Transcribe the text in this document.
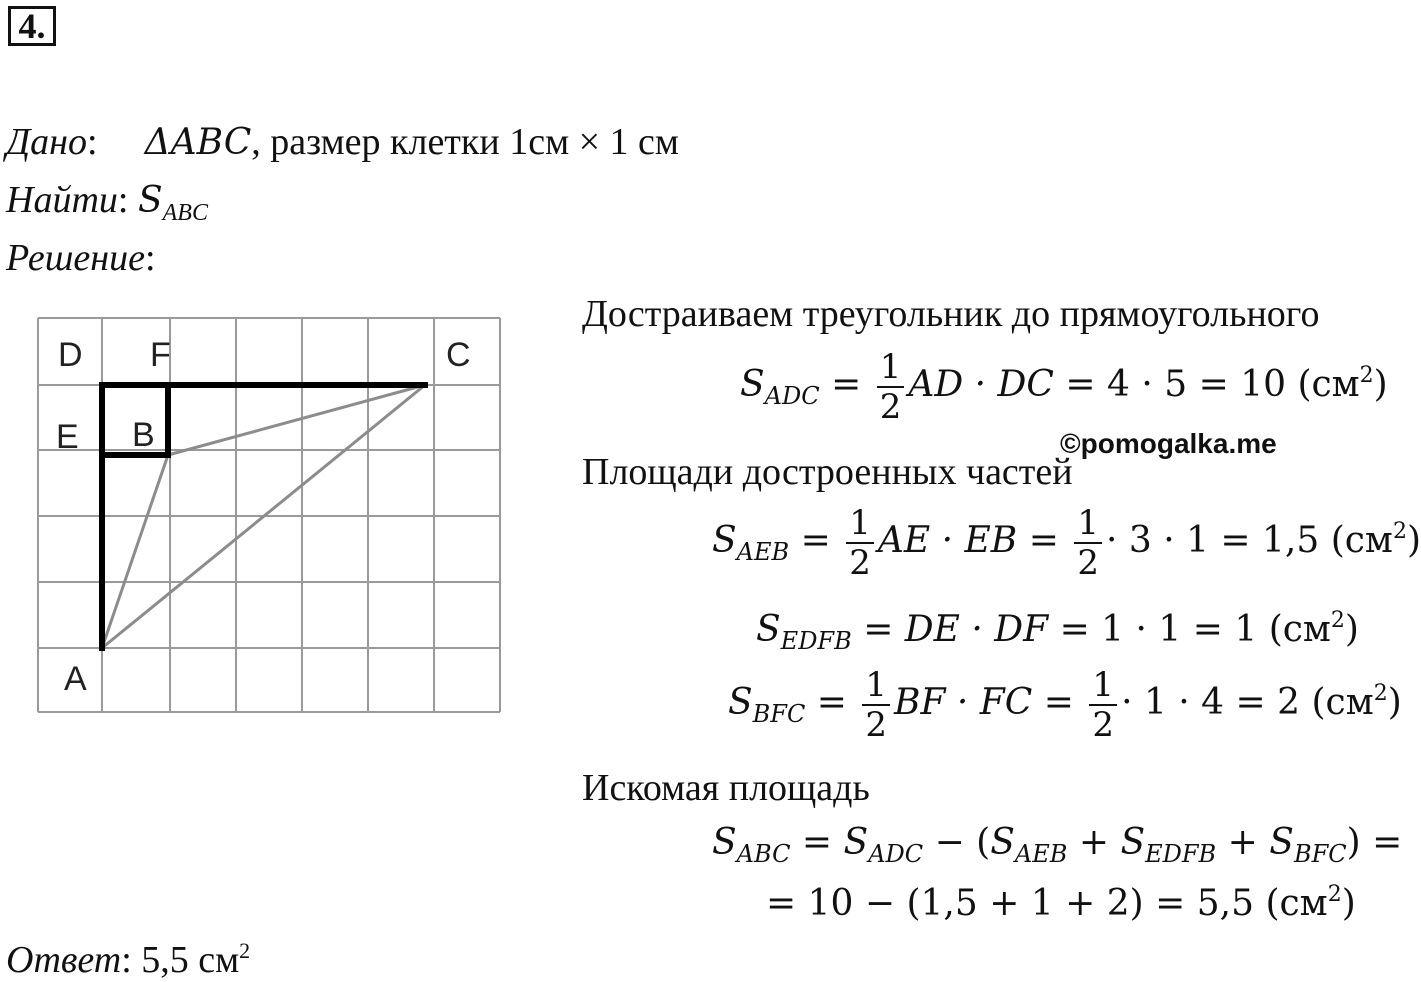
4.
Дано: ΔABC, размер клетки 1см × 1 см
Найти: $S_{ABC}$
Решение:
D F	C
E B
A
Достраиваем треугольник до прямоугольного
$S_{ADC} = \frac{1}{2}$ AD · DC = 4 · 5 = 10 $(см^2)$
©pomogalka.me
Площади достроенных частей
$S_{AEB} = \frac{1}{2}$ AE · EB = $\frac{1}{2} \cdot 3 \cdot 1 = 1,5$ $(см^2)$
$S_{EDFB}$ = DE · DF = 1 · 1 = 1 $(см^2)$
$S_{BFC} = \frac{1}{2}$ BF · FC = $\frac{1}{2} \cdot 1 \cdot 4 = 2$ $(см^2)$
Искомая площадь
$S_{ABC} = S_{ADC} - (S_{AEB} + S_{EDFB} + S_{BFC})$ =
= 10 − (1,5 + 1 + 2) = 5,5 $(см^2)$
Ответ: 5,5 $см^2$
